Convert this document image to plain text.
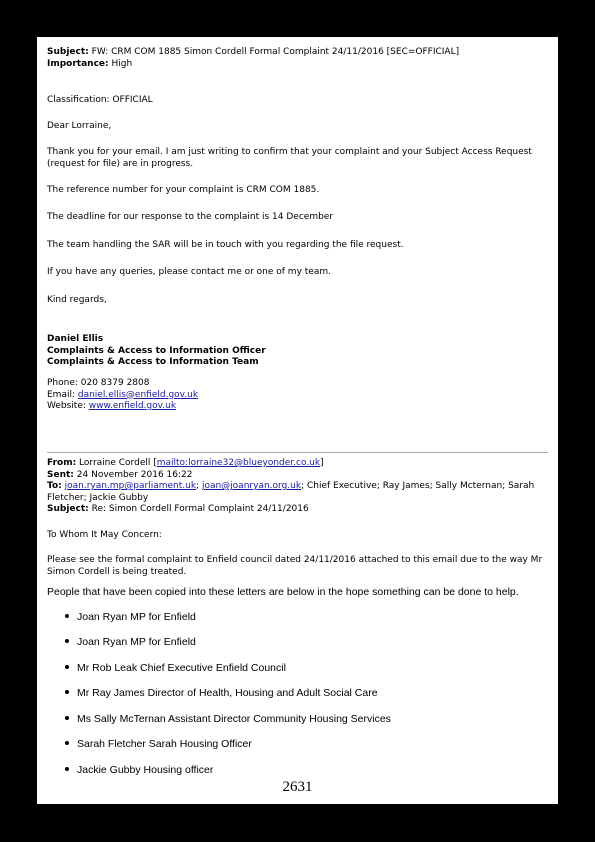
Subject: FW: CRM COM 1885 Simon Cordell Formal Complaint 24/11/2016 [SEC=OFFICIAL]

Importance: High

Classification: OFFICIAL
Dear Lorraine,
Thank you for your email. I am just writing to confirm that your complaint and your Subject Access Request (request for file) are in progress.
The reference number for your complaint is CRM COM 1885.
The deadline for our response to the complaint is 14 December
The team handling the SAR will be in touch with you regarding the file request.
If you have any queries, please contact me or one of my team.
Kind regards,

Daniel Ellis

Complaints & Access to Information Officer

Complaints & Access to Information Team

Phone: 020 8379 2808

Email: daniel.ellis@enfield.gov.uk

Website: www.enfield.gov.uk

From: Lorraine Cordell [mailto:lorraine32@blueyonder.co.uk]

Sent: 24 November 2016 16:22

To: joan.ryan.mp@parliament.uk; joan@joanryan.org.uk; Chief Executive; Ray James; Sally Mcternan; Sarah Fletcher; Jackie Gubby

Subject: Re: Simon Cordell Formal Complaint 24/11/2016

To Whom It May Concern:
Please see the formal complaint to Enfield council dated 24/11/2016 attached to this email due to the way Mr Simon Cordell is being treated.
People that have been copied into these letters are below in the hope something can be done to help.
Joan Ryan MP for Enfield
Joan Ryan MP for Enfield
Mr Rob Leak Chief Executive Enfield Council
Mr Ray James Director of Health, Housing and Adult Social Care
Ms Sally McTernan Assistant Director Community Housing Services
Sarah Fletcher Sarah Housing Officer
Jackie Gubby Housing officer
2631
